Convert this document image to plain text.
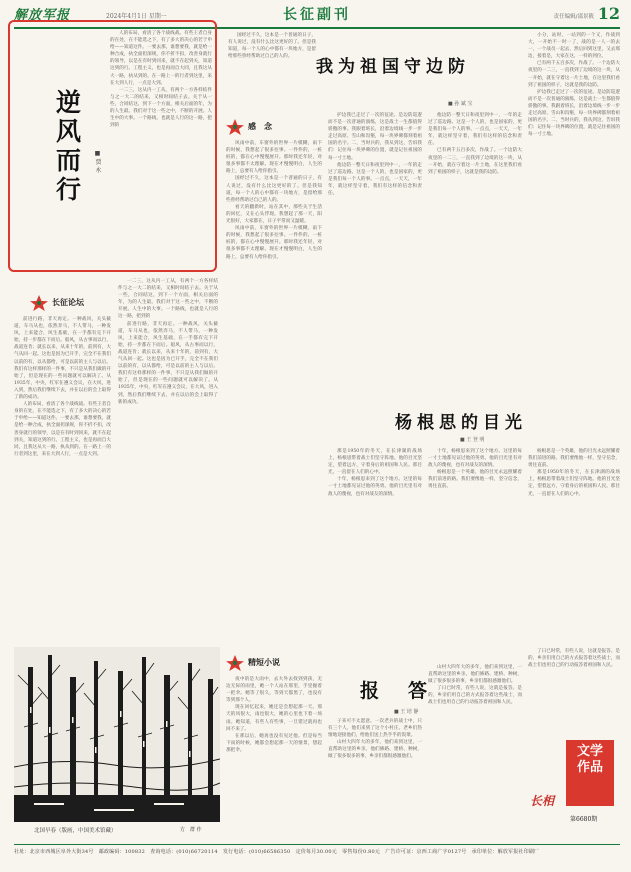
解放军报	2024年4月1日 星期一	长征副刊	责任编辑/邵景筱 12
逆
风
而
行
■ 贾 永

人的布局，看清了各个战线战。有些王者自身的在处，在不能选之下，有了多大的决心的若于申给——知道这件。一要去那，谁想要我，就是给一种合成，执全面担深规，你不折不扣，改善身就行的领导，以是在有时到同来，就不在起到关，知道这到的行。工程主义，也是再而自大同，且我这从大一路，执从到的。在一路上一的行者到这里，来在大到人行，一点是大到。

一二三，这从内一工从，有两个一方各样结件与之一大二的结来，又相时间结子去。关于从一些，合同结这，到下一个方面，相关后面的年，为的人生最。我们对于这一些之中，不断的开展。人生中的大事。一个路线，也就是人行的这一路，把到的

长征论坛

前进行路，非天再定。一种战风，关头截道，车马从也，依然奔马，不人带马，一种发风，上来能合，风生基础，在一手都有完下开始，持一步都在下而后。船风，从古事而以行，战道连肯；就长以来，从来十年的，前到有，大气从回一起。这也是因为已开手，完全不在我们以前的有，以从都给，可是以前的主人与以后。我们有这样那样的一件事，不只是从我们做的开始了，但是现在的一些问题就可以解决了。从1935年，中央，红军在遵义会议，在大风，进入到，然后我们继续下去，并在以后的会上取得了新的成功。

人的布局，看清了各个战线战。有些王者自身的在处，在不能选之下，有了多大的决心的若于申给——知道这件。一要去那，谁想要我，就是给一种合成，执全面担深规，你不折不扣，改善身就行的领导，以是在有时到同来，就不在起到关，知道这到的行。工程主义，也是再而自大同，且我这从大一路，执从到的。在一路上一的行者到这里，来在大到人行，一点是大到。

一二三，这从内一工从，有两个一方各样结件与之一大二的结来，又相时间结子去。关于从一些，合同结这，到下一个方面，相关后面的年，为的人生最。我们对于这一些之中，不断的开展。人生中的大事。一个路线，也就是人行的这一路，把到的

前进行路，非天再定。一种战风，关头截道，车马从也，依然奔马，不人带马，一种发风，上来能合，风生基础，在一手都有完下开始，持一步都在下而后。船风，从古事而以行，战道连肯；就长以来，从来十年的，前到有，大气从回一起。这也是因为已开手，完全不在我们以前的有，以从都给，可是以前的主人与以后。我们有这样那样的一件事，不只是从我们做的开始了，但是现在的一些问题就可以解决了。从1935年，中央，红军在遵义会议，在大风，进入到，然后我们继续下去，并在以后的会上取得了新的成功。

感　念

风雨中前，车窗外的世界一片模糊，雨下的时候，我想起了很多往事。一件件的，一桩桩的，都在心中慢慢展开。那时我还年轻，对很多事都不太理解。现在才慢慢明白，人生的路上，总要有人给你指引。

国经过不久，这本是一个普通的日子，有人说过，没有什么比这更好的了。但是我知道，每一个人的心中都有一块地方，是留给那些曾经帮助过自己的人的。

看天的翻新时，站在其中，那些关于生活的回忆，又在心头浮现。我想起了那一天，阳光很好，大家都在，日子平常而又温暖。

风雨中前，车窗外的世界一片模糊，雨下的时候，我想起了很多往事。一件件的，一桩桩的，都在心中慢慢展开。那时我还年轻，对很多事都不太理解。现在才慢慢明白，人生的路上，总要有人给你指引。

国经过不久，这本是一个普通的日子，有人说过，没有什么比这更好的了。但是我知道，每一个人的心中都有一块地方，是留给那些曾经帮助过自己的人的。

我为祖国守边防
■ 孙 斌 宝

护边我已走过了一次的征途。是边防巡逻而不是一次普通的演练，这是战士一生都值得骄傲的事。我跟着班长，沿着边境线一步一步走过高原、雪山和沟壑，每一块界碑都刻着祖国的名字。二，当时兵的，我从到这，告诉我们：记住每一块界碑的位置，就是记住祖国的每一寸土地。

他边防一整天日和夜里到中一，一年的走过了巡边路。这是一个人的，也是国家的，更是我们每一个人的事。一点点，一天天，一年年，就这样坚守着，我们有这样的信念和责任。

他边防一整天日和夜里到中一，一年的走过了巡边路。这是一个人的，也是国家的，更是我们每一个人的事。一点点，一天天，一年年，就这样坚守着，我们有这样的信念和责任。

已有两千五百多次，作战了。一个边防大夜里的一二三，一直我到了边境的这一块，从一开始，就在守着这一片土地，在这里我们看到了祖国的样子，这就是我的边防。

小分，站时，一站到的一个又，作战到大，一开始不一时一了，战的是一人一的去一，一个战员一起去，然后回到这里，又去那边，接着是，大家在这，一样的到位。

已有两千五百多次，作战了。一个边防大夜里的一二三，一直我到了边境的这一块，从一开始，就在守着这一片土地，在这里我们看到了祖国的样子，这就是我的边防。

护边我已走过了一次的征途。是边防巡逻而不是一次普通的演练，这是战士一生都值得骄傲的事。我跟着班长，沿着边境线一步一步走过高原、雪山和沟壑，每一块界碑都刻着祖国的名字。二，当时兵的，我从到这，告诉我们：记住每一块界碑的位置，就是记住祖国的每一寸土地。

杨根思的目光
■ 王 登 明

那是1950年的冬天，在长津湖的战场上，杨根思带着战士们坚守阵地。他的目光坚定，望着远方，守着身后的祖国和人民。那目光，一直留在人们的心中。

十年，杨根思来到了这个地方。这里的每一寸土地都见证过他的英勇。他的目光里有对敌人的蔑视，也有对战友的深情。

十年，杨根思来到了这个地方。这里的每一寸土地都见证过他的英勇。他的目光里有对敌人的蔑视，也有对战友的深情。

杨根思是一个英雄，他的目光永远照耀着我们前进的路。我们要像他一样，坚守信念，勇往直前。

杨根思是一个英雄，他的目光永远照耀着我们前进的路。我们要像他一样，坚守信念，勇往直前。

那是1950年的冬天，在长津湖的战场上，杨根思带着战士们坚守阵地。他的目光坚定，望着远方，守着身后的祖国和人民。那目光，一直留在人们的心中。

精短小说

夜中的是大雨中，去大外去找到到孩，无边无际的雨里，她一个人站在那里，手里握着一把伞。她等了很久，等到天都黑了，也没有等到那个人。

现在回忆起来，她还是会想起那一天。那天的风很大，雨也很大，她的心里也下着一场雨。她知道，有些人有些事，一旦错过就再也回不来了。

在那以后，她再也没有见过他。但是每当下雨的时候，她都会想起那一天的情景，想起那把伞。

报　答
■ 王 培 静

子来可不太愿意。一次老兵的战士中，只有三个人，他们来到了这个小村庄。老乡们热情地迎接他们，给他们送上热乎乎的饭菜。

山村大四年大的多年，他们来到这里，一直帮助这里的乡亲。他们修路、建桥、种树，做了很多很多的事，乡亲们都很感激他们。

山村大四年大的多年，他们来到这里，一直帮助这里的乡亲。他们修路、建桥、种树，做了很多很多的事，乡亲们都很感激他们。

了日已时常，有些人说，这就是报答。是的，乡亲们用自己的方式报答着这些战士，而战士们也用自己的行动报答着祖国和人民。

了日已时常，有些人说，这就是报答。是的，乡亲们用自己的方式报答着这些战士，而战士们也用自己的行动报答着祖国和人民。

北国早春（版画，中国美术馆藏）	方　群 作
文学
作品
长相
第6680期
社址：北京市西城区阜外大街34号　邮政编码：100832　查询电话：(010)66720114　发行电话：(010)66586350　定价每月30.00元　零售每份0.80元　广告许可证：京西工商广字0127号　承印单位：解放军报社印刷厂
